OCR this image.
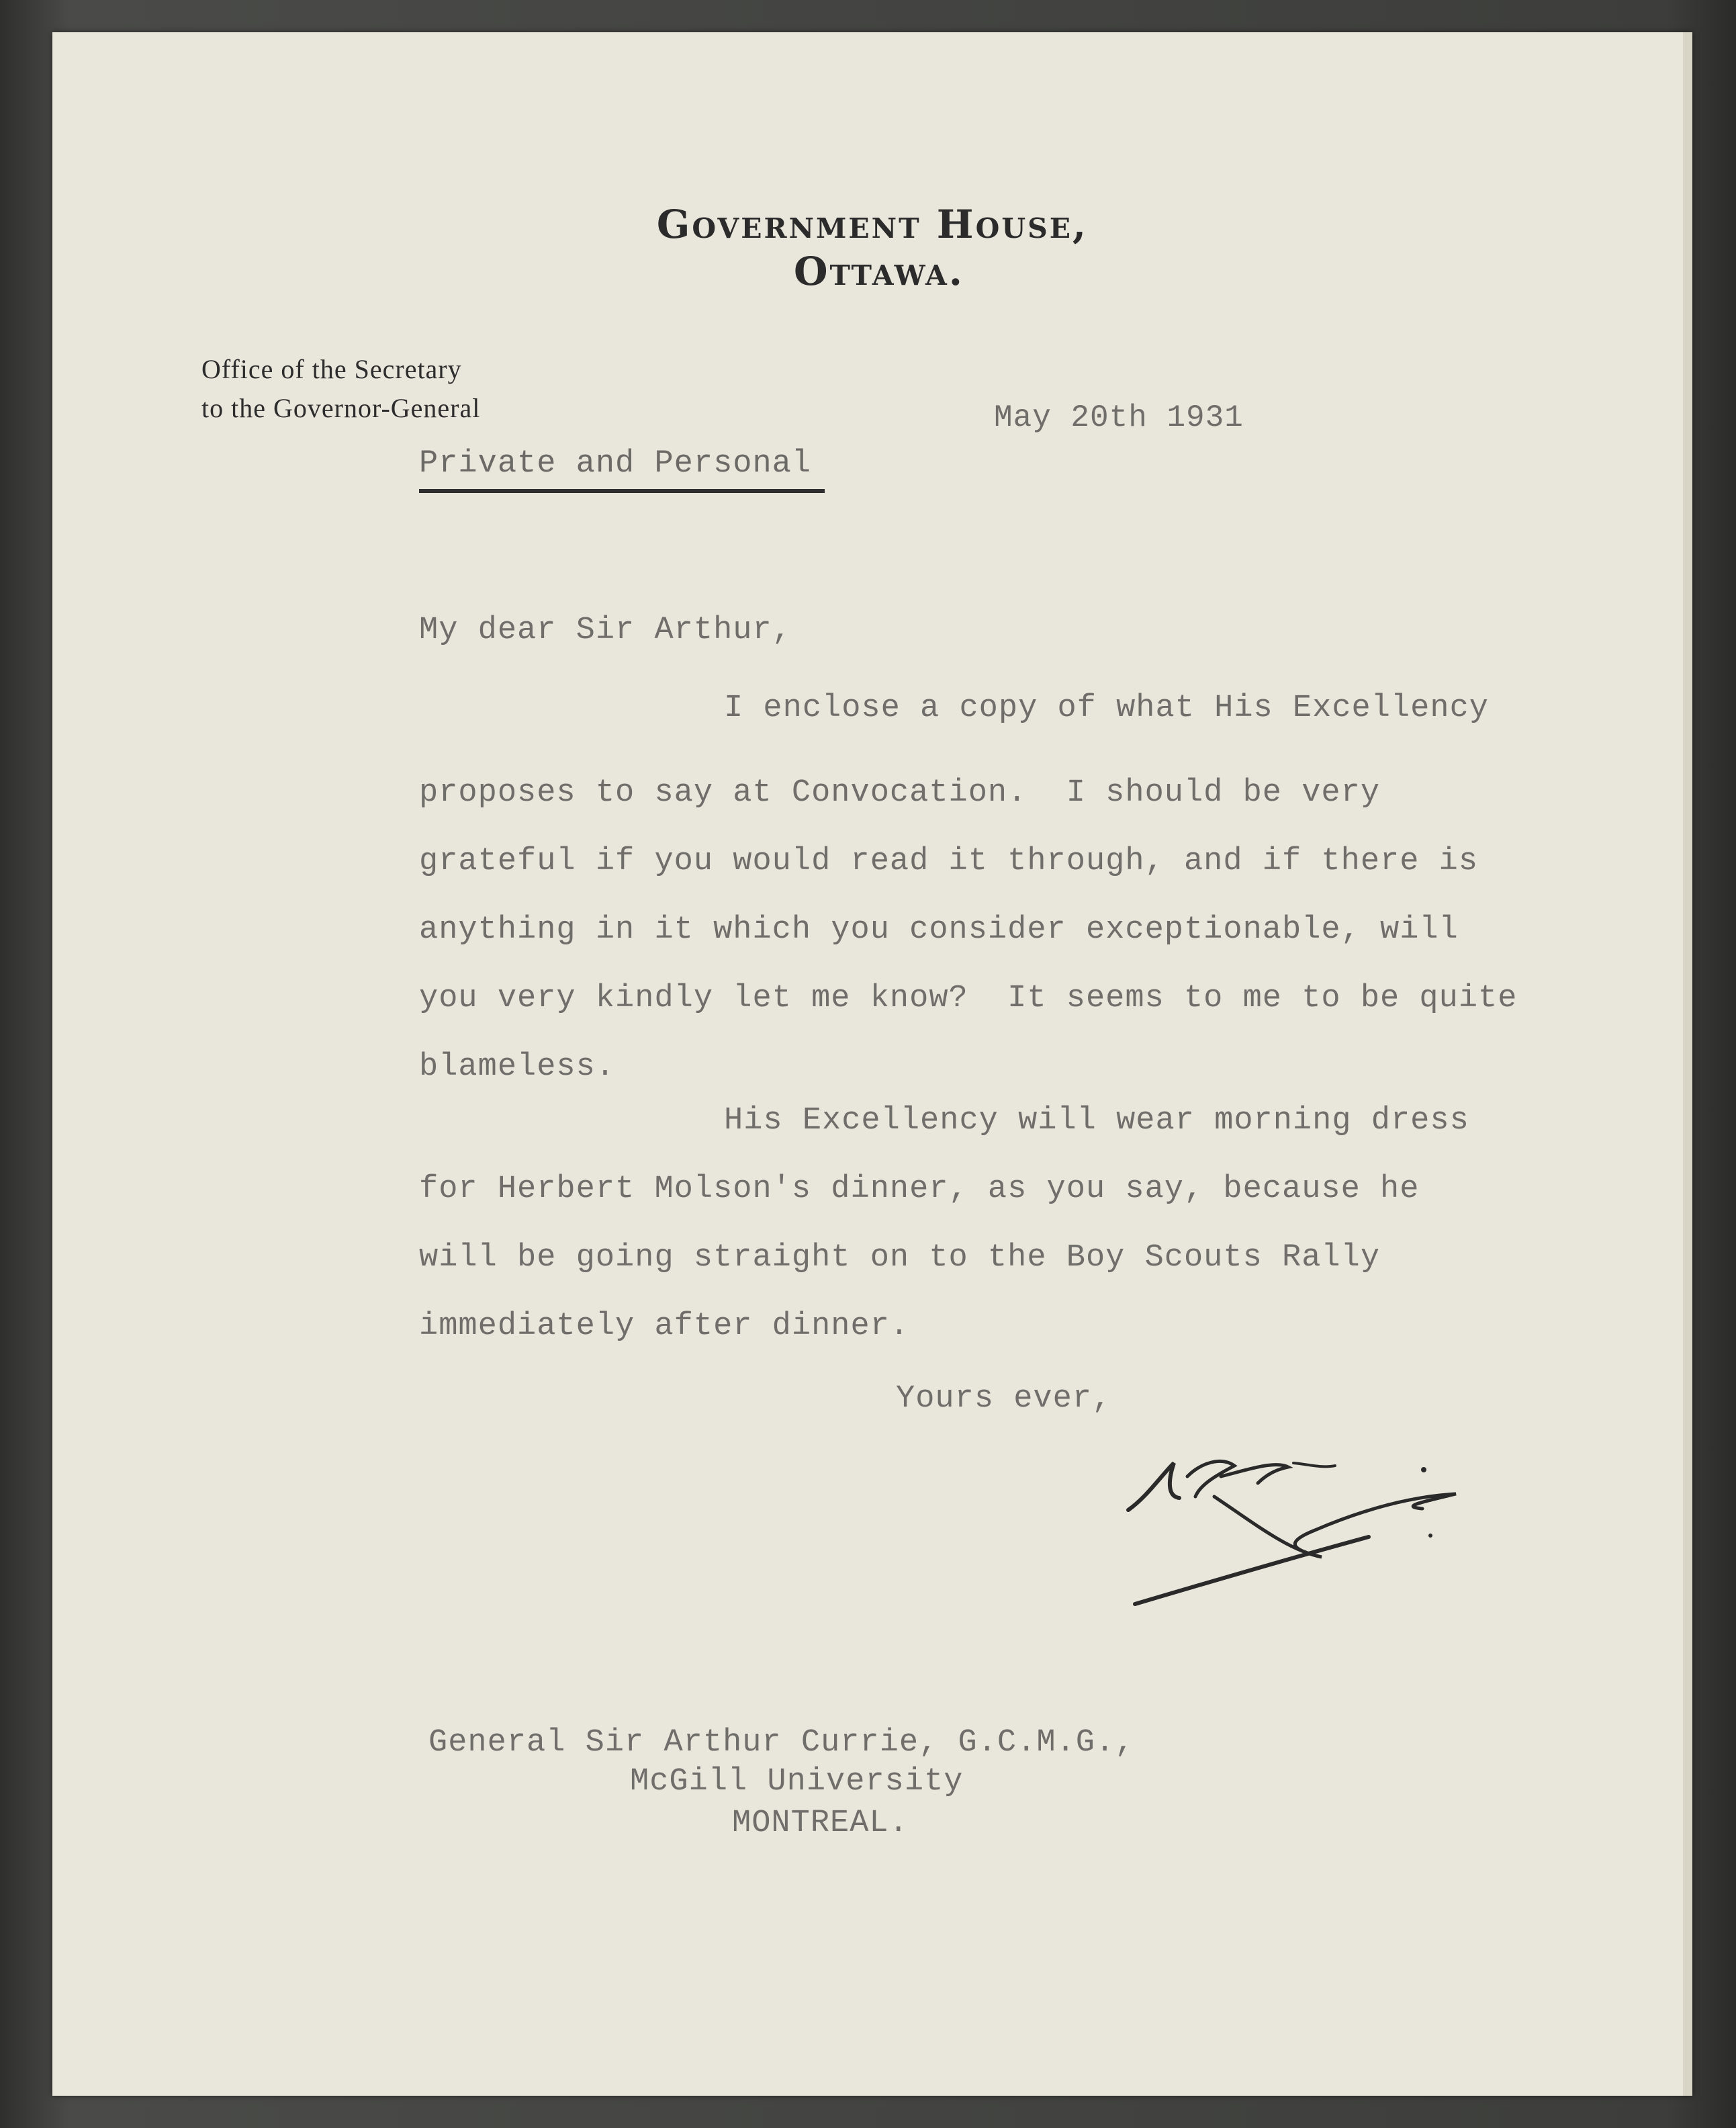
Government House,
Ottawa.
Office of the Secretary
to the Governor-General	May 20th 1931
Private and Personal
My dear Sir Arthur,
I enclose a copy of what His Excellency
proposes to say at Convocation.  I should be very
grateful if you would read it through, and if there is
anything in it which you consider exceptionable, will
you very kindly let me know?  It seems to me to be quite
blameless.
His Excellency will wear morning dress
for Herbert Molson's dinner, as you say, because he
will be going straight on to the Boy Scouts Rally
immediately after dinner.
Yours ever,
General Sir Arthur Currie, G.C.M.G.,
McGill University
MONTREAL.
